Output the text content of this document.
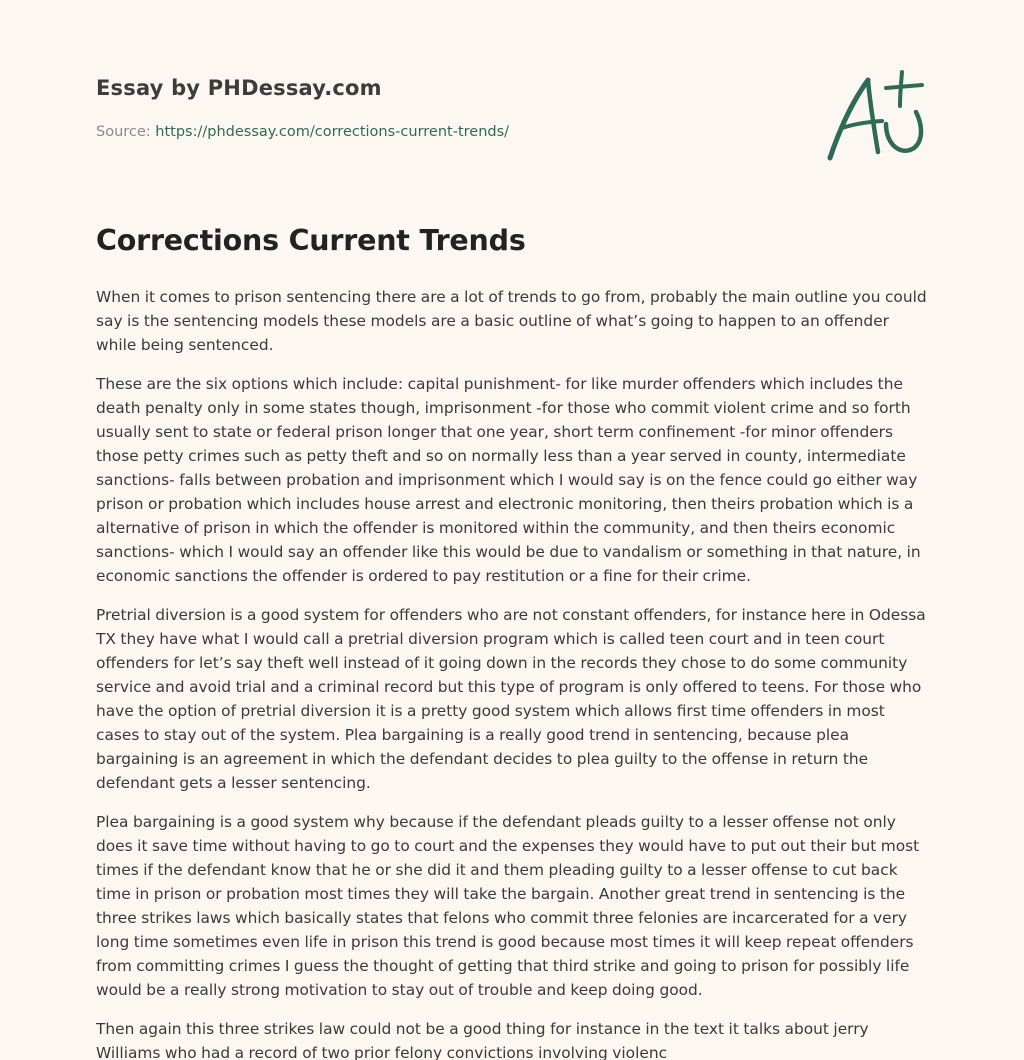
Essay by PHDessay.com
Source: https://phdessay.com/corrections-current-trends/
Corrections Current Trends

When it comes to prison sentencing there are a lot of trends to go from, probably the main outline you could say is the sentencing models these models are a basic outline of what’s going to happen to an offender while being sentenced.

These are the six options which include: capital punishment- for like murder offenders which includes the death penalty only in some states though, imprisonment -for those who commit violent crime and so forth usually sent to state or federal prison longer that one year, short term confinement -for minor offenders those petty crimes such as petty theft and so on normally less than a year served in county, intermediate sanctions- falls between probation and imprisonment which I would say is on the fence could go either way prison or probation which includes house arrest and electronic monitoring, then theirs probation which is a alternative of prison in which the offender is monitored within the community, and then theirs economic sanctions- which I would say an offender like this would be due to vandalism or something in that nature, in economic sanctions the offender is ordered to pay restitution or a fine for their crime.

Pretrial diversion is a good system for offenders who are not constant offenders, for instance here in Odessa TX they have what I would call a pretrial diversion program which is called teen court and in teen court offenders for let’s say theft well instead of it going down in the records they chose to do some community service and avoid trial and a criminal record but this type of program is only offered to teens. For those who have the option of pretrial diversion it is a pretty good system which allows first time offenders in most cases to stay out of the system. Plea bargaining is a really good trend in sentencing, because plea bargaining is an agreement in which the defendant decides to plea guilty to the offense in return the defendant gets a lesser sentencing.

Plea bargaining is a good system why because if the defendant pleads guilty to a lesser offense not only does it save time without having to go to court and the expenses they would have to put out their but most times if the defendant know that he or she did it and them pleading guilty to a lesser offense to cut back time in prison or probation most times they will take the bargain. Another great trend in sentencing is the three strikes laws which basically states that felons who commit three felonies are incarcerated for a very long time sometimes even life in prison this trend is good because most times it will keep repeat offenders from committing crimes I guess the thought of getting that third strike and going to prison for possibly life would be a really strong motivation to stay out of trouble and keep doing good.

Then again this three strikes law could not be a good thing for instance in the text it talks about jerry Williams who had a record of two prior felony convictions involving violenc
